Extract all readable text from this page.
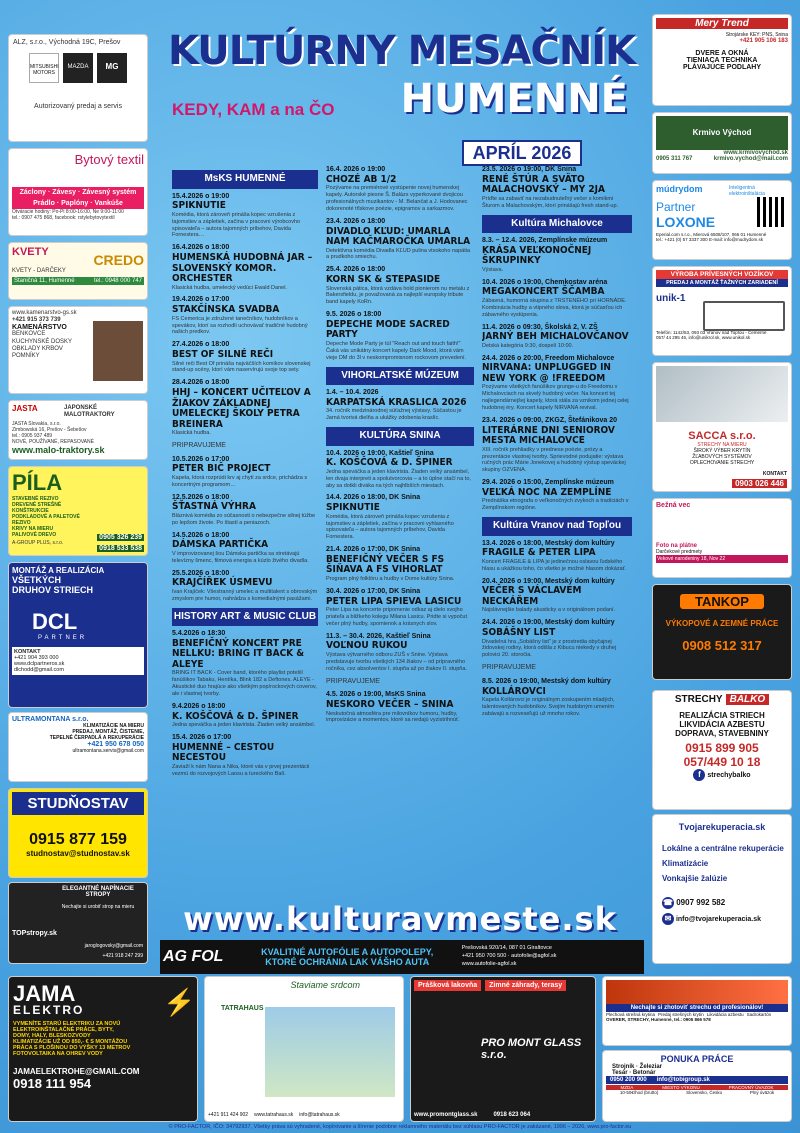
KULTÚRNY MESAČNÍK
KEDY, KAM a na ČO HUMENNÉ
APRÍL 2026
ALZ, s.r.o., Východná 19C, Prešov
MITSUBISHI MOTORS
MAZDA	MG
Autorizovaný predaj a servis
Bytový textil
Záclony · Závesy · Závesný systém
Prádlo · Paplóny · Vankúše
Otváracie hodiny: Po-Pi 8:00-16:00, Ne 9:00-11:00
tel.: 0907 475 868, facebook: rstylebytovytextil
KVETY	CREDO
KVETY - DARČEKY
Staničná 11, Humenné	tel.: 0948 000 747
www.kamenarstvo-gs.sk
+421 915 373 739
KAMENÁRSTVO
BENKOVCE
KUCHYNSKÉ DOSKY
OBKLADY KRBOV
POMNÍKY
JASTA	JAPONSKÉ MALOTRAKTORY
JASTA Slovakia, s.r.o.
Zimbowská 16, Prešov - Šebešov
tel.: 0905 937 489
NOVÉ, POUŽÍVANÉ, REPASOVANÉ
www.malo-traktory.sk
PÍLA
STAVEBNÉ REZIVO
DREVENÉ STREŠNÉ KONŠTRUKCIE
PODKLADOVÉ A PALETOVÉ REZIVO
KRIVY NA MIERU
PALIVOVÉ DREVO
A-GROUP PLUS, s.r.o.
0905 326 239
0918 533 538
MONTÁŽ A REALIZÁCIA
VŠETKÝCH DRUHOV STRIECH
DCL
PARTNER
KONTAKT
+421 904 393 000
www.dclpartneros.sk
dlchodd@gmail.com
ULTRAMONTANA s.r.o.
KLIMATIZÁCIE NA MIERU
PREDAJ, MONTÁŽ, ČISTENIE,
TEPELNÉ ČERPADLÁ A REKUPERÁCIE
+421 950 678 050
ultramontana.servis@gmail.com
STUDŇOSTAV
0915 877 159
studnostav@studnostav.sk
ELEGANTNÉ NAPÍNACIE STROPY
Nechajte si urobiť strop na mieru
TOPstropy.sk
jaroglogovsky@gmail.com
+421 918 247 299
Mery Trend
Strojárske KEY: PNS, Snina
+421 905 106 183
DVERE A OKNÁ
TIENIACA TECHNIKA
PLÁVAJÚCE PODLAHY
Krmivo Východ
www.krmivovychod.sk
0905 311 767	krmivo.vychod@mail.com
múdrydom	Inteligentná elektroinštalácia
Partner
LOXONE
Eperial.com s.r.o., Mierová 6508/107, 066 01 Humenné
tel.: +421 (0) 57 3337 300 E-mail: info@mudrydom.sk
VÝROBA PRÍVESNÝCH VOZÍKOV
PREDAJ A MONTÁŽ ŤAŽNÝCH ZARIADENÍ
unik-1
Telefón: 1142/53, 093 03 Vranov nad Topľou - Čemerné
057/ 44 295 46, info@unikrol.sk, www.unikol.sk
SACCA s.r.o.
STRECHY NA MIERU
ŠIROKÝ VÝBER KRYTÍN
ŽĽABOVÝCH SYSTÉMOV
OPLECHOVANIE STRECHY
KONTAKT
0903 026 446
Bežná vec
Foto na plátne
Darčekové predmety
Vekové narodeniny 18, Nov 22
TANKOP
VÝKOPOVÉ A ZEMNÉ PRÁCE
0908 512 317
STRECHY BALKO
REALIZÁCIA STRIECH
LIKVIDÁCIA AZBESTU
DOPRAVA, STAVEBNINY
0915 899 905
057/449 10 18
f strechybalko
Tvojarekuperacia.sk
Lokálne a centrálne rekuperácie
Klimatizácie
Vonkajšie žalúzie
☎ 0907 992 582
✉ info@tvojarekuperacia.sk
MsKS HUMENNÉ
15.4.2026 o 19:00
SPIKNUTIE
Komédia, ktorá zároveň prináša kopec vzrušenia z tajomstiev a zápletiek, začína v pracovni výrobcovho spisovateľa – autora tajomných príbehov, Davida Fornestera…
16.4.2026 o 18:00
HUMENSKÁ HUDOBNÁ JAR – SLOVENSKÝ KOMOR. ORCHESTER
Klasická hudba, umelecký vedúci Ewald Danel.
19.4.2026 o 17:00
STAKČÍNSKA SVADBA
FS Cemerica je združené tanečníkov, hudobníkov a spevákov, ktorí sa rozhodli uchovávať tradičné hudobný našich predkov.
27.4.2026 o 18:00
BEST OF SILNÉ REČI
Silné reči Best Of prináša najväčších komikov slovenskej stand-up scény, ktorí vám naservírujú svoje top sety.
28.4.2026 o 18:00
HHJ – KONCERT UČITEĽOV A ŽIAKOV ZÁKLADNEJ UMELECKEJ ŠKOLY PETRA BREINERA
Klasická hudba.
PRIPRAVUJEME
10.5.2026 o 17:00
PETER BIČ PROJECT
Kapela, ktorá rozprúdi krv aj chytí za srdce, prichádza s koncertným programom…
12.5.2026 o 18:00
ŠŤASTNÁ VÝHRA
Bláznivá komédia zo súčasnosti o nebezpečne silnej túžbe po lepšom živote. Po štastí a peniazoch.
14.5.2026 o 18:00
DÁMSKA PARTIČKA
V improvizovanej šou Dámska partička sa stretávajú televízny šmenc, filmová energia a kúzlo živého divadla.
25.5.2026 o 18:00
KRAJČÍŘEK ÚSMEVU
Ivan Krajíček: Všestranný umelec a multitalent s obrovským zmyslom pre humor, nahrádza s komedialnými pasážami.
HISTORY ART & MUSIC CLUB
5.4.2026 o 18:30
BENEFIČNÝ KONCERT PRE NELLKU: BRING IT BACK & ALEYE
BRING IT BACK - Cover band, ktorého playlist potešil fanúšikov Tabaku, Hentíka, Blink 182 a Deftones. ALEYE - Akustické duo hrajúce ako všetkým pop/rockových coverov, ale i vlastnej tvorby.
9.4.2026 o 18:00
K. KOŠČOVÁ & D. ŠPINER
Jedna speváčka a jeden klavirista. Žiaden velký ansámbel.
15.4. 2026 o 17:00
HUMENNÉ – CESTOU NECESTOU
Zaviaží k nám Nana a Nika, ktoré vás v prvej prezentácii vezmú do rozvojových Laosu a tureckého Balí.
16.4. 2026 o 19:00
CHOZÉ AB 1/2
Pozývame na premiérové vystúpenie novej humenskej kapely. Autorské piesne Š. Balázs vyperkované dvojicou profesionálnych muzikantov - M. Belančat a J. Hodovanec dokorenoté tŕlskove poézie, epigramov a sarkazmov.
23.4. 2026 o 18:00
DIVADLO KĽUD: UMARLA NAM KAČMAROČKA UMARLA
Detektívna komédia Divadla KĽUD pulina vtsokoho napätia a prudkoho smiechu.
25.4. 2026 o 18:00
KORN SK & STEPASIDE
Slovenská pática, ktorá vzdáva hold pionierom nu metalu z Bakersfieldu, je považovaná za najlepší europsky tribute band kapely KoRn.
9.5. 2026 o 18:00
DEPECHE MODE SACRED PARTY
Depeche Mode Party je túl "Reach out and touch faith!" Čaká vás unikátny koncert kapely Dark Mood, ktorá vám vieje DM do 3l v neskompromisnom rockovom prevedení.
VIHORLATSKÉ MÚZEUM
1.4. – 10.4. 2026
KARPATSKÁ KRASLICA 2026
34. ročník medzinárodnej súťažnej výstavy. Súčastou je Jarná tvorivá dielňa a ukážky zdobenia kraslíc.
KULTÚRA SNINA
10.4. 2026 o 19:00, Kaštieľ Snina
K. KOŠČOVÁ & D. ŠPINER
Jedna speváčka a jeden klavirista. Žiaden velký ansámbel, len dvaja interpreti a spolutvorcovia – a to úplne stačí na to, aby sa dotkli diváka na tých najhlbších miestach.
14.4. 2026 o 18:00, DK Snina
SPIKNUTIE
Komédia, ktorá zároveň prináša kopec vzrušenia z tajomstiev a zápletiek, začína v pracovni vyhlasného spisovateľa – autora tajomných príbehov, Davida Fornestera.
21.4. 2026 o 17:00, DK Snina
BENEFIČNÝ VEČER S FS ŠIŇAVA A FS VIHORLAT
Program plný folklóru a hudby v Dome kultúry Snina.
30.4. 2026 o 17:00, DK Snina
PETER LIPA SPIEVA LASICU
Peter Lipa na koncerte pripomenie odkaz aj dielo svojho priateľa a bližkeho kolegu Milana Lasicu. Pridte si vypočut večer plný hudby, spomienok a krásnych slov.
11.3. – 30.4. 2026, Kaštieľ Snina
VOĽNOU RUKOU
Výstava výtvarného odboru ZUŠ v Snine. Výstava predstavuje tvorbu všetkých 134 žiakov – od prípravného ročníka, cez absolventov I. stupňa až po žiakov II. stupňa.
PRIPRAVUJEME
4.5. 2026 o 19:00, MsKS Snina
NESKORO VEČER – SNINA
Neskutočná atmosféra pre milovníkov humoru, hudby, improvizácie a momentov, ktoré sa nedajú vyzistrihnúť.
23.5. 2026 o 19:00, DK Snina
RENÉ ŠTÚR A SVÄTO MALACHOVSKÝ – MY 2JA
Príďte sa zabaviť na nezabudnuteľný večer s komikmi Šturom a Malachovským, ktorí prinášajú fresh stand-up.
Kultúra Michalovce
8.3. – 12.4. 2026, Zemplínske múzeum
KRÁSA VEĽKONOČNEJ ŠKRUPINKY
Výstava.
10.4. 2026 o 19:00, Chemkostav aréna
MEGAKONCERT ŠČAMBA
Zábavná, humorná skupina z TRSTENÉHO pri HORNÁDE. Kombinácia hudby a vtipného slova, ktorá je súčasťou ich zábavného vystúpenia.
11.4. 2026 o 09:30, Školská 2, V. ZŠ
JARNÝ BEH MICHALOVČANOV
Detská kategória 9:30, dospelí 10:00.
24.4. 2026 o 20:00, Freedom Michalovce
NIRVANA: UNPLUGGED IN NEW YORK @ !FREEDOM
Pozývame všetkých fanúšikov grunge-u do Freedomu v Michalovciach na skvelý hudobný večer. Na koncert tej najlegendárnejšej kapely, ktorá stála za vznikom jednej celej hudobnej éry. Koncert kapely NIRVANA revival.
23.4. 2026 o 09:00, ZKGZ, Štefánikova 20
LITERÁRNE DNI SENIOROV MESTA MICHALOVCE
XIII. ročník prehliadky v prednese poézie, prózy a prezentácie vlastnej tvorby. Sprievodné podujatie: výstava ručných prác Márie Jonekovej a hudobný výstup speváckej skupiny OZVENA.
29.4. 2026 o 15:00, Zemplínske múzeum
VEĽKÁ NOC NA ZEMPLÍNE
Prednáška etnografa o veľkonočných zvykoch a tradíciách v Zemplínskom regióne.
Kultúra Vranov nad Topľou
13.4. 2026 o 18:00, Mestský dom kultúry
FRAGILE & PETER LIPA
Koncert FRAGILE & LIPA je jedinečnou oslavou ľudského hlasu a ukážkou toho, čo všetko je možné hlasom dokázať.
20.4. 2026 o 19:00, Mestský dom kultúry
VEČER S VÁCLAVEM NECKÁŘEM
Najslávnejšie balady akusticky a v originálnom podaní.
24.4. 2026 o 19:00, Mestský dom kultúry
SOBÁŠNY LIST
Divadelná hra „Sobášny list" je z prostredia obyčajnej židovskej rodiny, ktorá odišla z Kibucu niekedy v druhej polovici 20. storočia.
PRIPRAVUJEME
8.5. 2026 o 19:00, Mestský dom kultúry
KOLLÁROVCI
Kapela Kollárovci je originálnym zoskupením mladých, talentovaných hudobníkov. Svojím hudobným umením zabávajú a rozveseľujú už mnoho rokov.
www.kulturavmeste.sk
AG FOL	KVALITNÉ AUTOFÓLIE A AUTOPOLEPY,
KTORÉ OCHRÁNIA LAK VÁŠHO AUTA
Prešovská 920/14, 087 01 Giraltovce
+421 950 700 500 · autofolie@agfol.sk
www.autofolie-agfol.sk
JAMA
ELEKTRO
VYMENÍTE STARÚ ELEKTRIKU ZA NOVÚ
ELEKTROINŠTALAČNÉ PRÁCE, BYTY,
DOMY, HALY, BLESKOZVODY
KLIMATIZÁCIE UŽ OD 850,- € S MONTÁŽOU
PRÁCA S PLOŠINOU DO VÝŠKY 13 METROV
FOTOVOLTAIKA NA OHREV VODY
JAMAELEKTROHE@GMAIL.COM
0918 111 954
⚡
Staviame srdcom
TATRAHAUS
+421 911 424 902 www.tatrahaus.sk info@tatrahaus.sk
Prášková lakovňa	Zimné záhrady, terasy
PRO MONT GLASS s.r.o.
www.promontglass.sk	0918 623 064
Nechajte si zhotoviť strechu od profesionálov!
Plechová strešná krytina Predaj strešných krytín Likvidácia azbestu Sadrokartón
OVERER, STRECHY, Humenné, tel.: 0905 866 578
PONUKA PRÁCE
Strojník · Železiar
Tesár · Betonár
0950 200 900 info@tobigroup.sk
MZDA	MIESTO VÝKONU	PRACOVNÝ ÚVAZOK
10-50€/hod (brutto)	Slovensko, Česko	Plný úväzok
© PRO-FACTOR, IČO: 34792937, Všetky práva sú vyhradené, kopírovanie a šírenie podobne reklamného materiálu bez súhlasu PRO-FACTOR je zakázané, 1996 – 2026, www.pro-factor.eu
